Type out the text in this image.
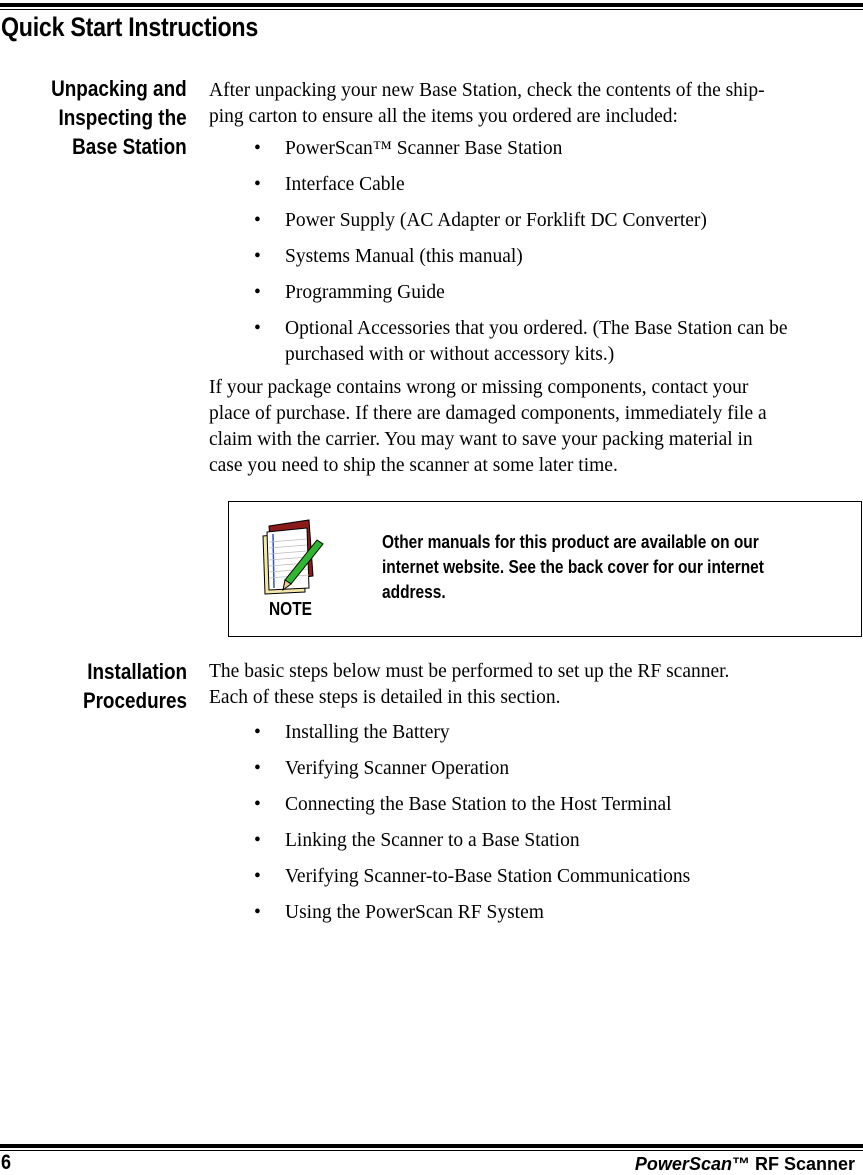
Quick Start Instructions
Unpacking and
Inspecting the
Base Station

After unpacking your new Base Station, check the contents of the ship-
ping carton to ensure all the items you ordered are included:

• PowerScan™ Scanner Base Station
• Interface Cable
• Power Supply (AC Adapter or Forklift DC Converter)
• Systems Manual (this manual)
• Programming Guide
• Optional Accessories that you ordered. (The Base Station can be purchased with or without accessory kits.)

If your package contains wrong or missing components, contact your
place of purchase. If there are damaged components, immediately file a
claim with the carrier. You may want to save your packing material in
case you need to ship the scanner at some later time.

NOTE
Other manuals for this product are available on our
internet website. See the back cover for our internet
address.
Installation
Procedures

The basic steps below must be performed to set up the RF scanner.
Each of these steps is detailed in this section.

• Installing the Battery
• Verifying Scanner Operation
• Connecting the Base Station to the Host Terminal
• Linking the Scanner to a Base Station
• Verifying Scanner-to-Base Station Communications
• Using the PowerScan RF System
6	PowerScan™ RF Scanner
